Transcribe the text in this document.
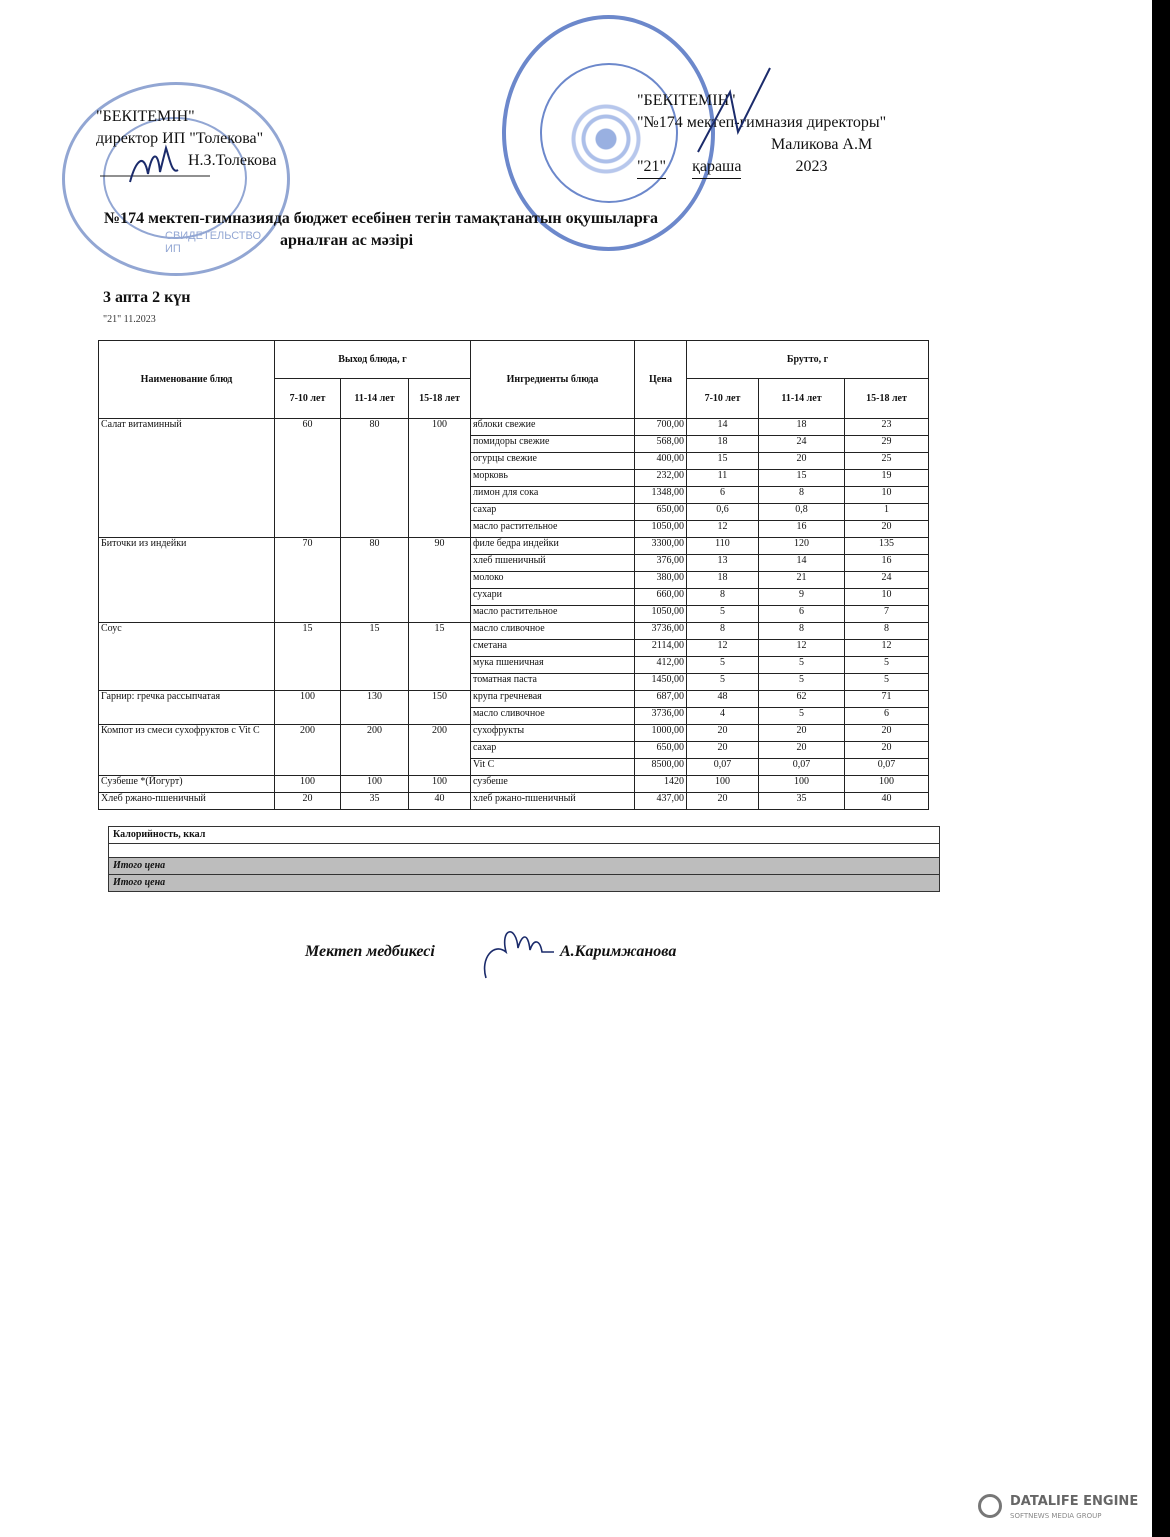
СВИДЕТЕЛЬСТВО ИП
"БЕКІТЕМІН"
директор ИП "Толекова"
Н.З.Толекова
"БЕКІТЕМІН"
"№174 мектеп-гимназия директоры"
Маликова А.М
"21" қараша	2023
№174 мектеп-гимназияда бюджет есебінен тегін тамақтанатын оқушыларға
арналған ас мәзірі
3 апта 2 күн
"21" 11.2023
Наименование блюд	Выход блюда, г			Ингредиенты блюда	Цена	Брутто, г		
	7-10 лет	11-14 лет	15-18 лет			7-10 лет	11-14 лет	15-18 лет
Салат витаминный	60	80	100	яблоки свежие	700,00	14	18	23
				помидоры свежие	568,00	18	24	29
				огурцы свежие	400,00	15	20	25
				морковь	232,00	11	15	19
				лимон для сока	1348,00	6	8	10
				сахар	650,00	0,6	0,8	1
				масло растительное	1050,00	12	16	20
Биточки из индейки	70	80	90	филе бедра индейки	3300,00	110	120	135
				хлеб пшеничный	376,00	13	14	16
				молоко	380,00	18	21	24
				сухари	660,00	8	9	10
				масло растительное	1050,00	5	6	7
Соус	15	15	15	масло сливочное	3736,00	8	8	8
				сметана	2114,00	12	12	12
				мука пшеничная	412,00	5	5	5
				томатная паста	1450,00	5	5	5
Гарнир: гречка рассыпчатая	100	130	150	крупа гречневая	687,00	48	62	71
				масло сливочное	3736,00	4	5	6
Компот из смеси сухофруктов с Vit C	200	200	200	сухофрукты	1000,00	20	20	20
				сахар	650,00	20	20	20
				Vit C	8500,00	0,07	0,07	0,07
Сузбеше *(Йогурт)	100	100	100	сузбеше	1420	100	100	100
Хлеб ржано-пшеничный	20	35	40	хлеб ржано-пшеничный	437,00	20	35	40
Калорийность, ккал
Итого цена
Итого цена
Мектеп медбикесі	А.Каримжанова
DATALIFE ENGINE
SOFTNEWS MEDIA GROUP
